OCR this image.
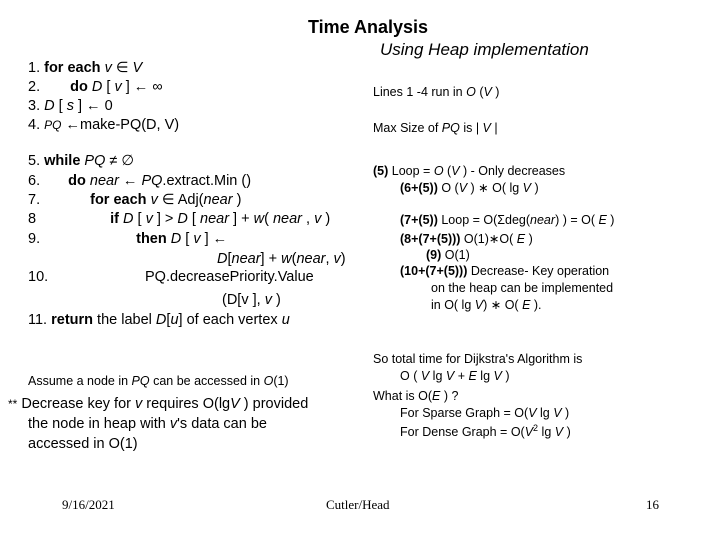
Time Analysis
Using Heap implementation
1. for each v ∈ V
2. do D [ v ] ← ∞
3. D [ s ] ← 0
4. PQ ←make-PQ(D, V)
5. while PQ ≠ ∅
6. do near ← PQ.extract.Min ()
7.	for each v ∈ Adj(near )
8	if D [ v ] > D [ near ] + w( near , v )
9.	then D [ v ] ←
D[near] + w(near, v)
10.	PQ.decreasePriority.Value
(D[v ], v )
11. return the label D[u] of each vertex u
Lines 1 -4 run in O (V )
Max Size of PQ is | V |
(5) Loop = O (V ) - Only decreases
(6+(5)) O (V ) ∗ O( lg V )
(7+(5)) Loop = O(Σdeg(near) ) = O( E )
(8+(7+(5))) O(1)∗O( E )
(9) O(1)
(10+(7+(5))) Decrease- Key operation
on the heap can be implemented
in O( lg V) ∗ O( E ).
So total time for Dijkstra's Algorithm is
O ( V lg V + E lg V )
What is O(E ) ?
For Sparse Graph = O(V lg V )
For Dense Graph = $O(V^2$ lg V )
Assume a node in PQ can be accessed in O(1)
** Decrease key for v requires O(lgV ) provided
the node in heap with v's data can be
accessed in O(1)
9/16/2021	Cutler/Head	16
